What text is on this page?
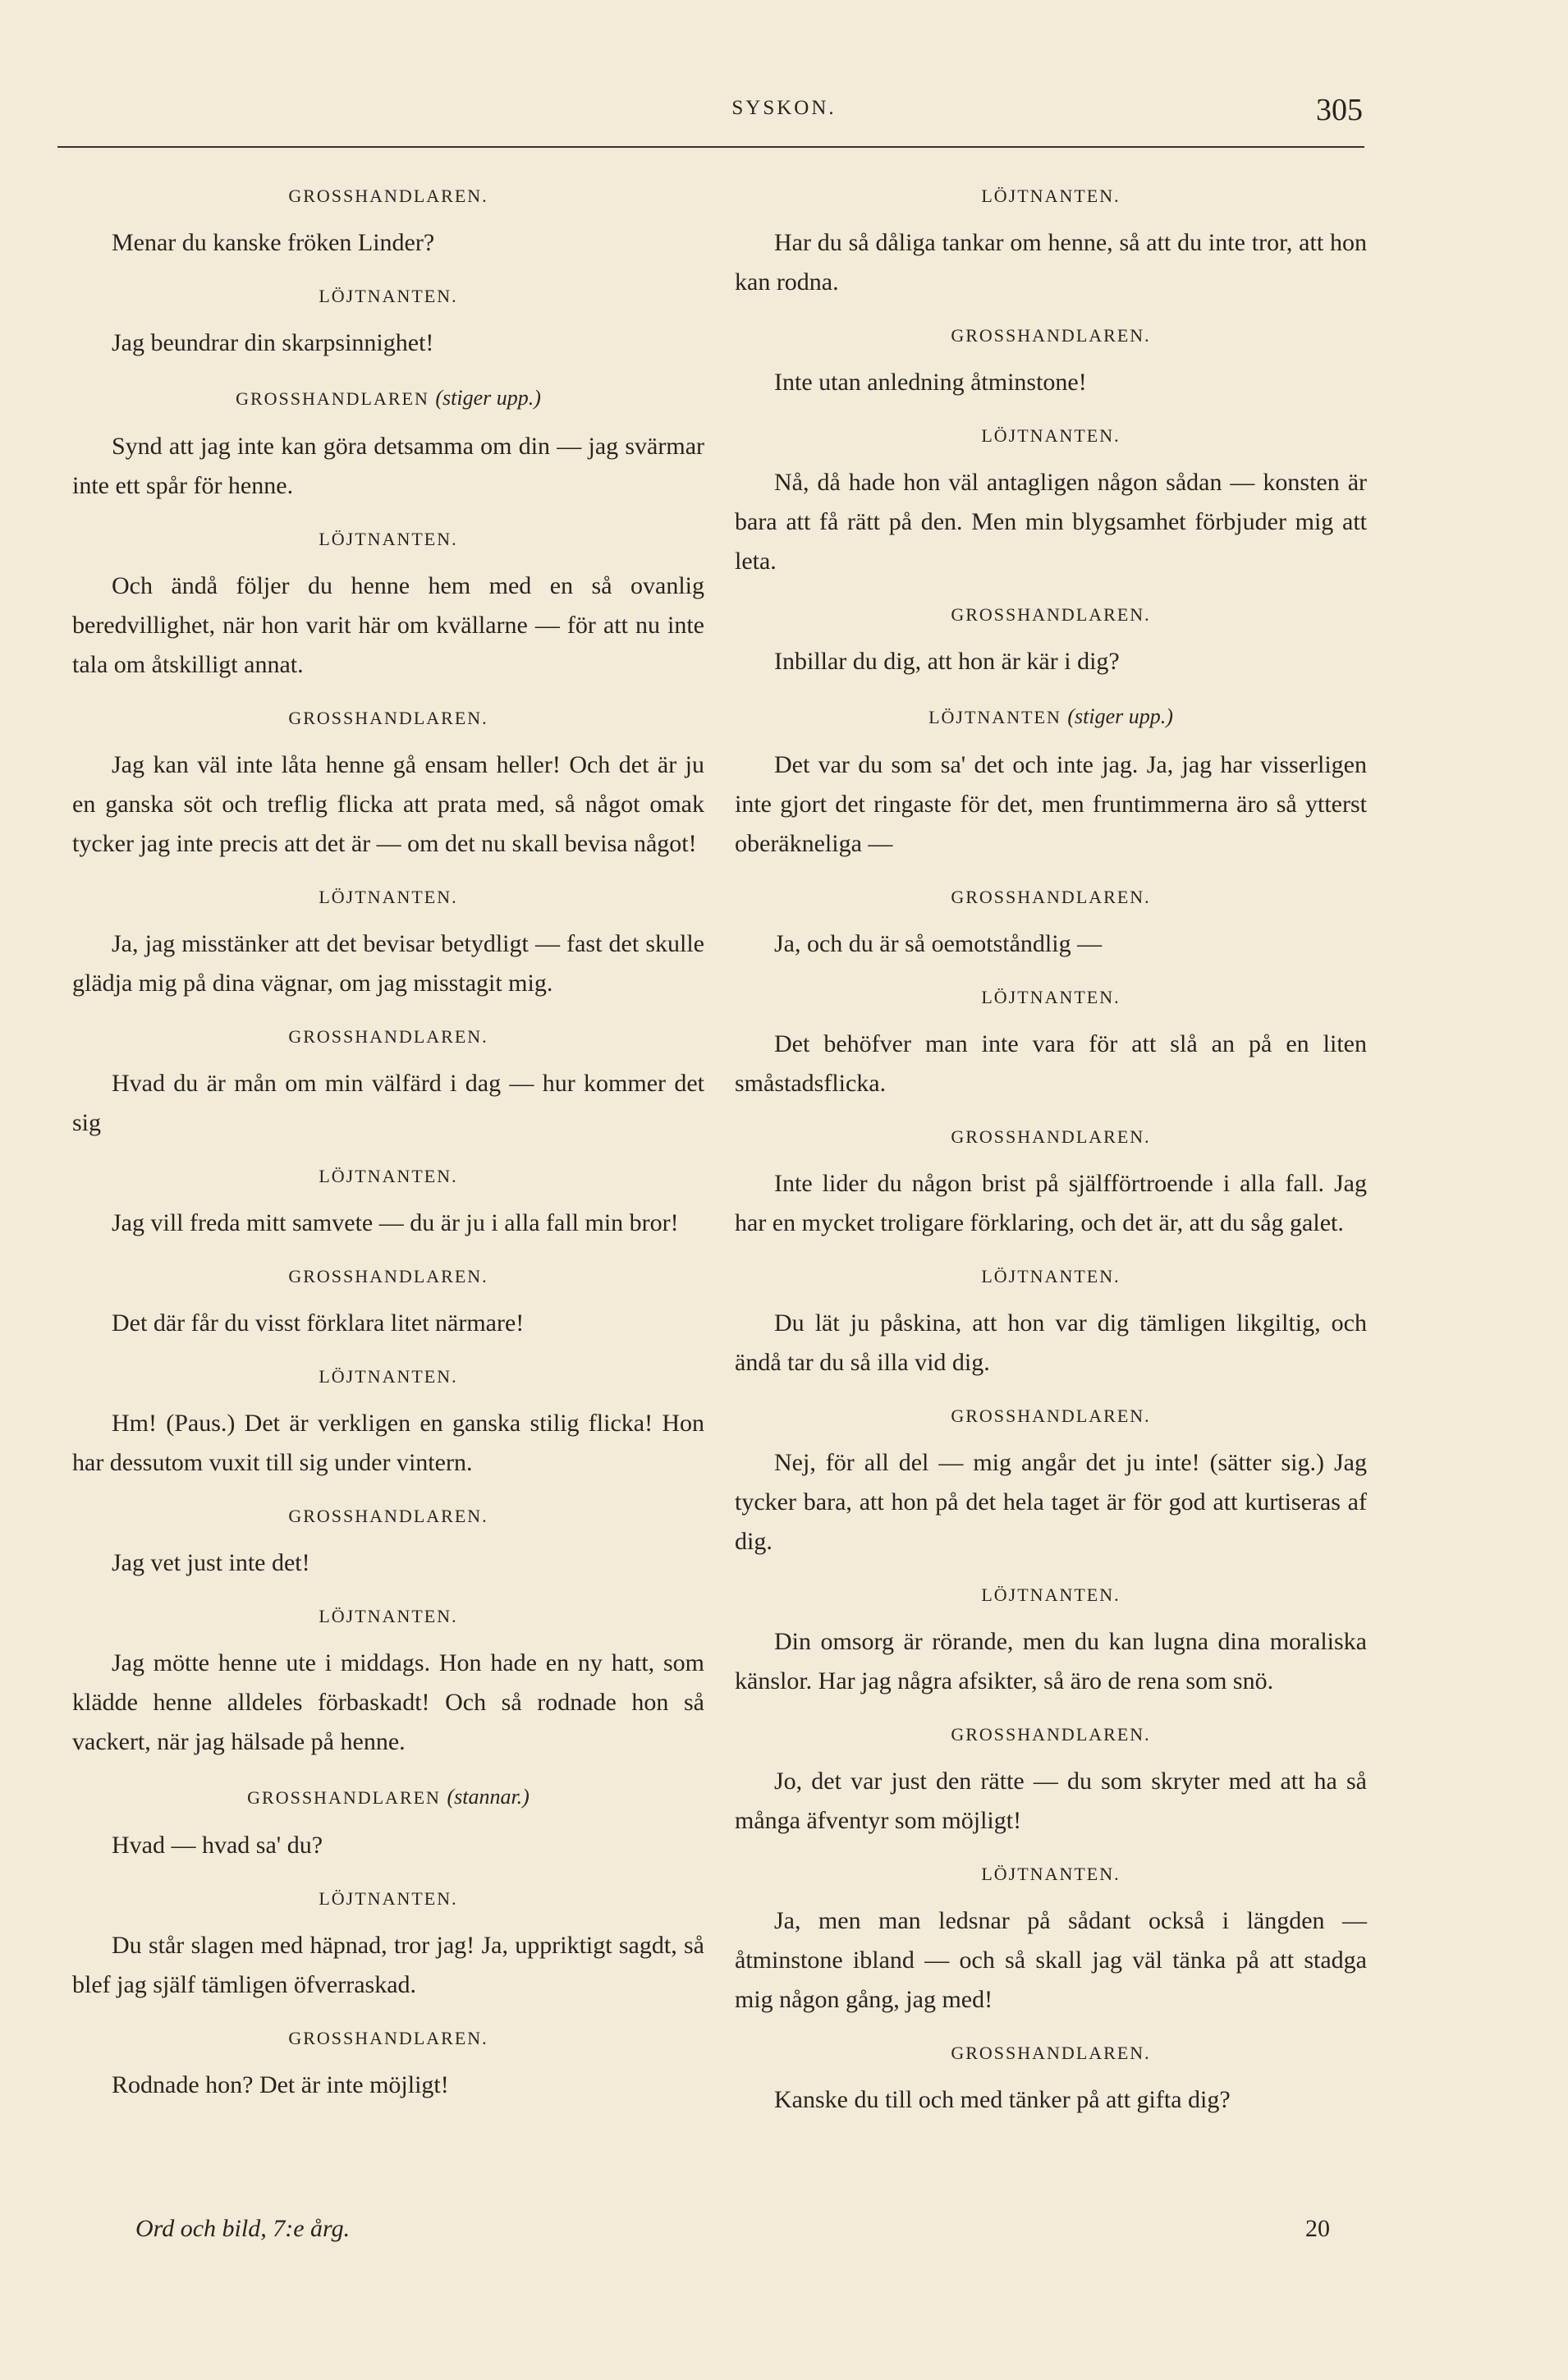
SYSKON.	305
GROSSHANDLAREN.
Menar du kanske fröken Linder?
LÖJTNANTEN.
Jag beundrar din skarpsinnighet!
GROSSHANDLAREN (stiger upp.)
Synd att jag inte kan göra detsamma om din — jag svärmar inte ett spår för henne.
LÖJTNANTEN.
Och ändå följer du henne hem med en så ovanlig beredvillighet, när hon varit här om kvällarne — för att nu inte tala om åtskilligt annat.
GROSSHANDLAREN.
Jag kan väl inte låta henne gå ensam heller! Och det är ju en ganska söt och treflig flicka att prata med, så något omak tycker jag inte precis att det är — om det nu skall bevisa något!
LÖJTNANTEN.
Ja, jag misstänker att det bevisar betydligt — fast det skulle glädja mig på dina vägnar, om jag misstagit mig.
GROSSHANDLAREN.
Hvad du är mån om min välfärd i dag — hur kommer det sig
LÖJTNANTEN.
Jag vill freda mitt samvete — du är ju i alla fall min bror!
GROSSHANDLAREN.
Det där får du visst förklara litet närmare!
LÖJTNANTEN.
Hm! (Paus.) Det är verkligen en ganska stilig flicka! Hon har dessutom vuxit till sig under vintern.
GROSSHANDLAREN.
Jag vet just inte det!
LÖJTNANTEN.
Jag mötte henne ute i middags. Hon hade en ny hatt, som klädde henne alldeles förbaskadt! Och så rodnade hon så vackert, när jag hälsade på henne.
GROSSHANDLAREN (stannar.)
Hvad — hvad sa' du?
LÖJTNANTEN.
Du står slagen med häpnad, tror jag! Ja, uppriktigt sagdt, så blef jag själf tämligen öfverraskad.
GROSSHANDLAREN.
Rodnade hon? Det är inte möjligt!
LÖJTNANTEN.
Har du så dåliga tankar om henne, så att du inte tror, att hon kan rodna.
GROSSHANDLAREN.
Inte utan anledning åtminstone!
LÖJTNANTEN.
Nå, då hade hon väl antagligen någon sådan — konsten är bara att få rätt på den. Men min blygsamhet förbjuder mig att leta.
GROSSHANDLAREN.
Inbillar du dig, att hon är kär i dig?
LÖJTNANTEN (stiger upp.)
Det var du som sa' det och inte jag. Ja, jag har visserligen inte gjort det ringaste för det, men fruntimmerna äro så ytterst oberäkneliga —
GROSSHANDLAREN.
Ja, och du är så oemotståndlig —
LÖJTNANTEN.
Det behöfver man inte vara för att slå an på en liten småstadsflicka.
GROSSHANDLAREN.
Inte lider du någon brist på själfförtroende i alla fall. Jag har en mycket troligare förklaring, och det är, att du såg galet.
LÖJTNANTEN.
Du lät ju påskina, att hon var dig tämligen likgiltig, och ändå tar du så illa vid dig.
GROSSHANDLAREN.
Nej, för all del — mig angår det ju inte! (sätter sig.) Jag tycker bara, att hon på det hela taget är för god att kurtiseras af dig.
LÖJTNANTEN.
Din omsorg är rörande, men du kan lugna dina moraliska känslor. Har jag några afsikter, så äro de rena som snö.
GROSSHANDLAREN.
Jo, det var just den rätte — du som skryter med att ha så många äfventyr som möjligt!
LÖJTNANTEN.
Ja, men man ledsnar på sådant också i längden — åtminstone ibland — och så skall jag väl tänka på att stadga mig någon gång, jag med!
GROSSHANDLAREN.
Kanske du till och med tänker på att gifta dig?
Ord och bild, 7:e årg.	20
